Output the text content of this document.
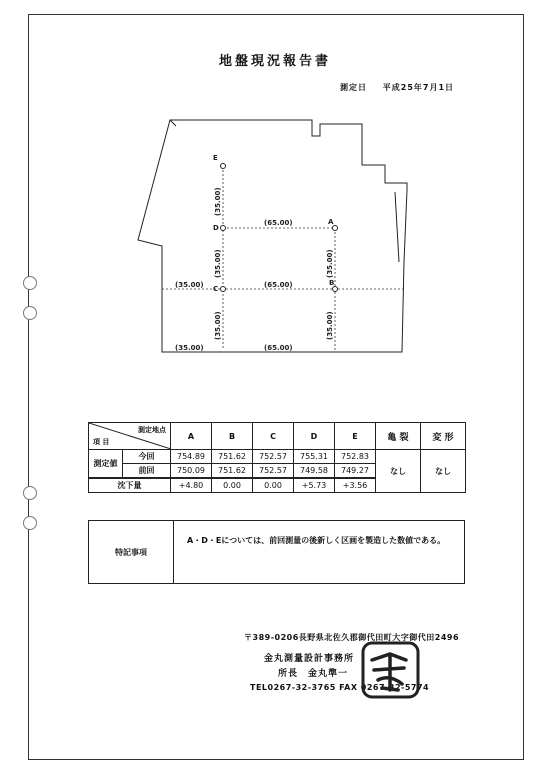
地盤現況報告書
測定日 平成25年7月1日
E
D
A
C
B
(65.00)
(35.00)	(65.00)
(35.00)	(65.00)
(35.00)
(35.00)
(35.00)
(35.00)
(35.00)
測定地点
項 目		A	B	C	D	E	亀 裂	変 形
測定値	今回	754.89	751.62	752.57	755.31	752.83	なし	なし
	前回	750.09	751.62	752.57	749.58	749.27		
沈下量		+4.80	0.00	0.00	+5.73	+3.56		
特記事項
A・D・Eについては、前回測量の後新しく区画を製造した数値である。
〒389-0206長野県北佐久郡御代田町大字御代田2496
金丸測量設計事務所
所長　金丸準一
TEL0267-32-3765 FAX 0267-32-5774
